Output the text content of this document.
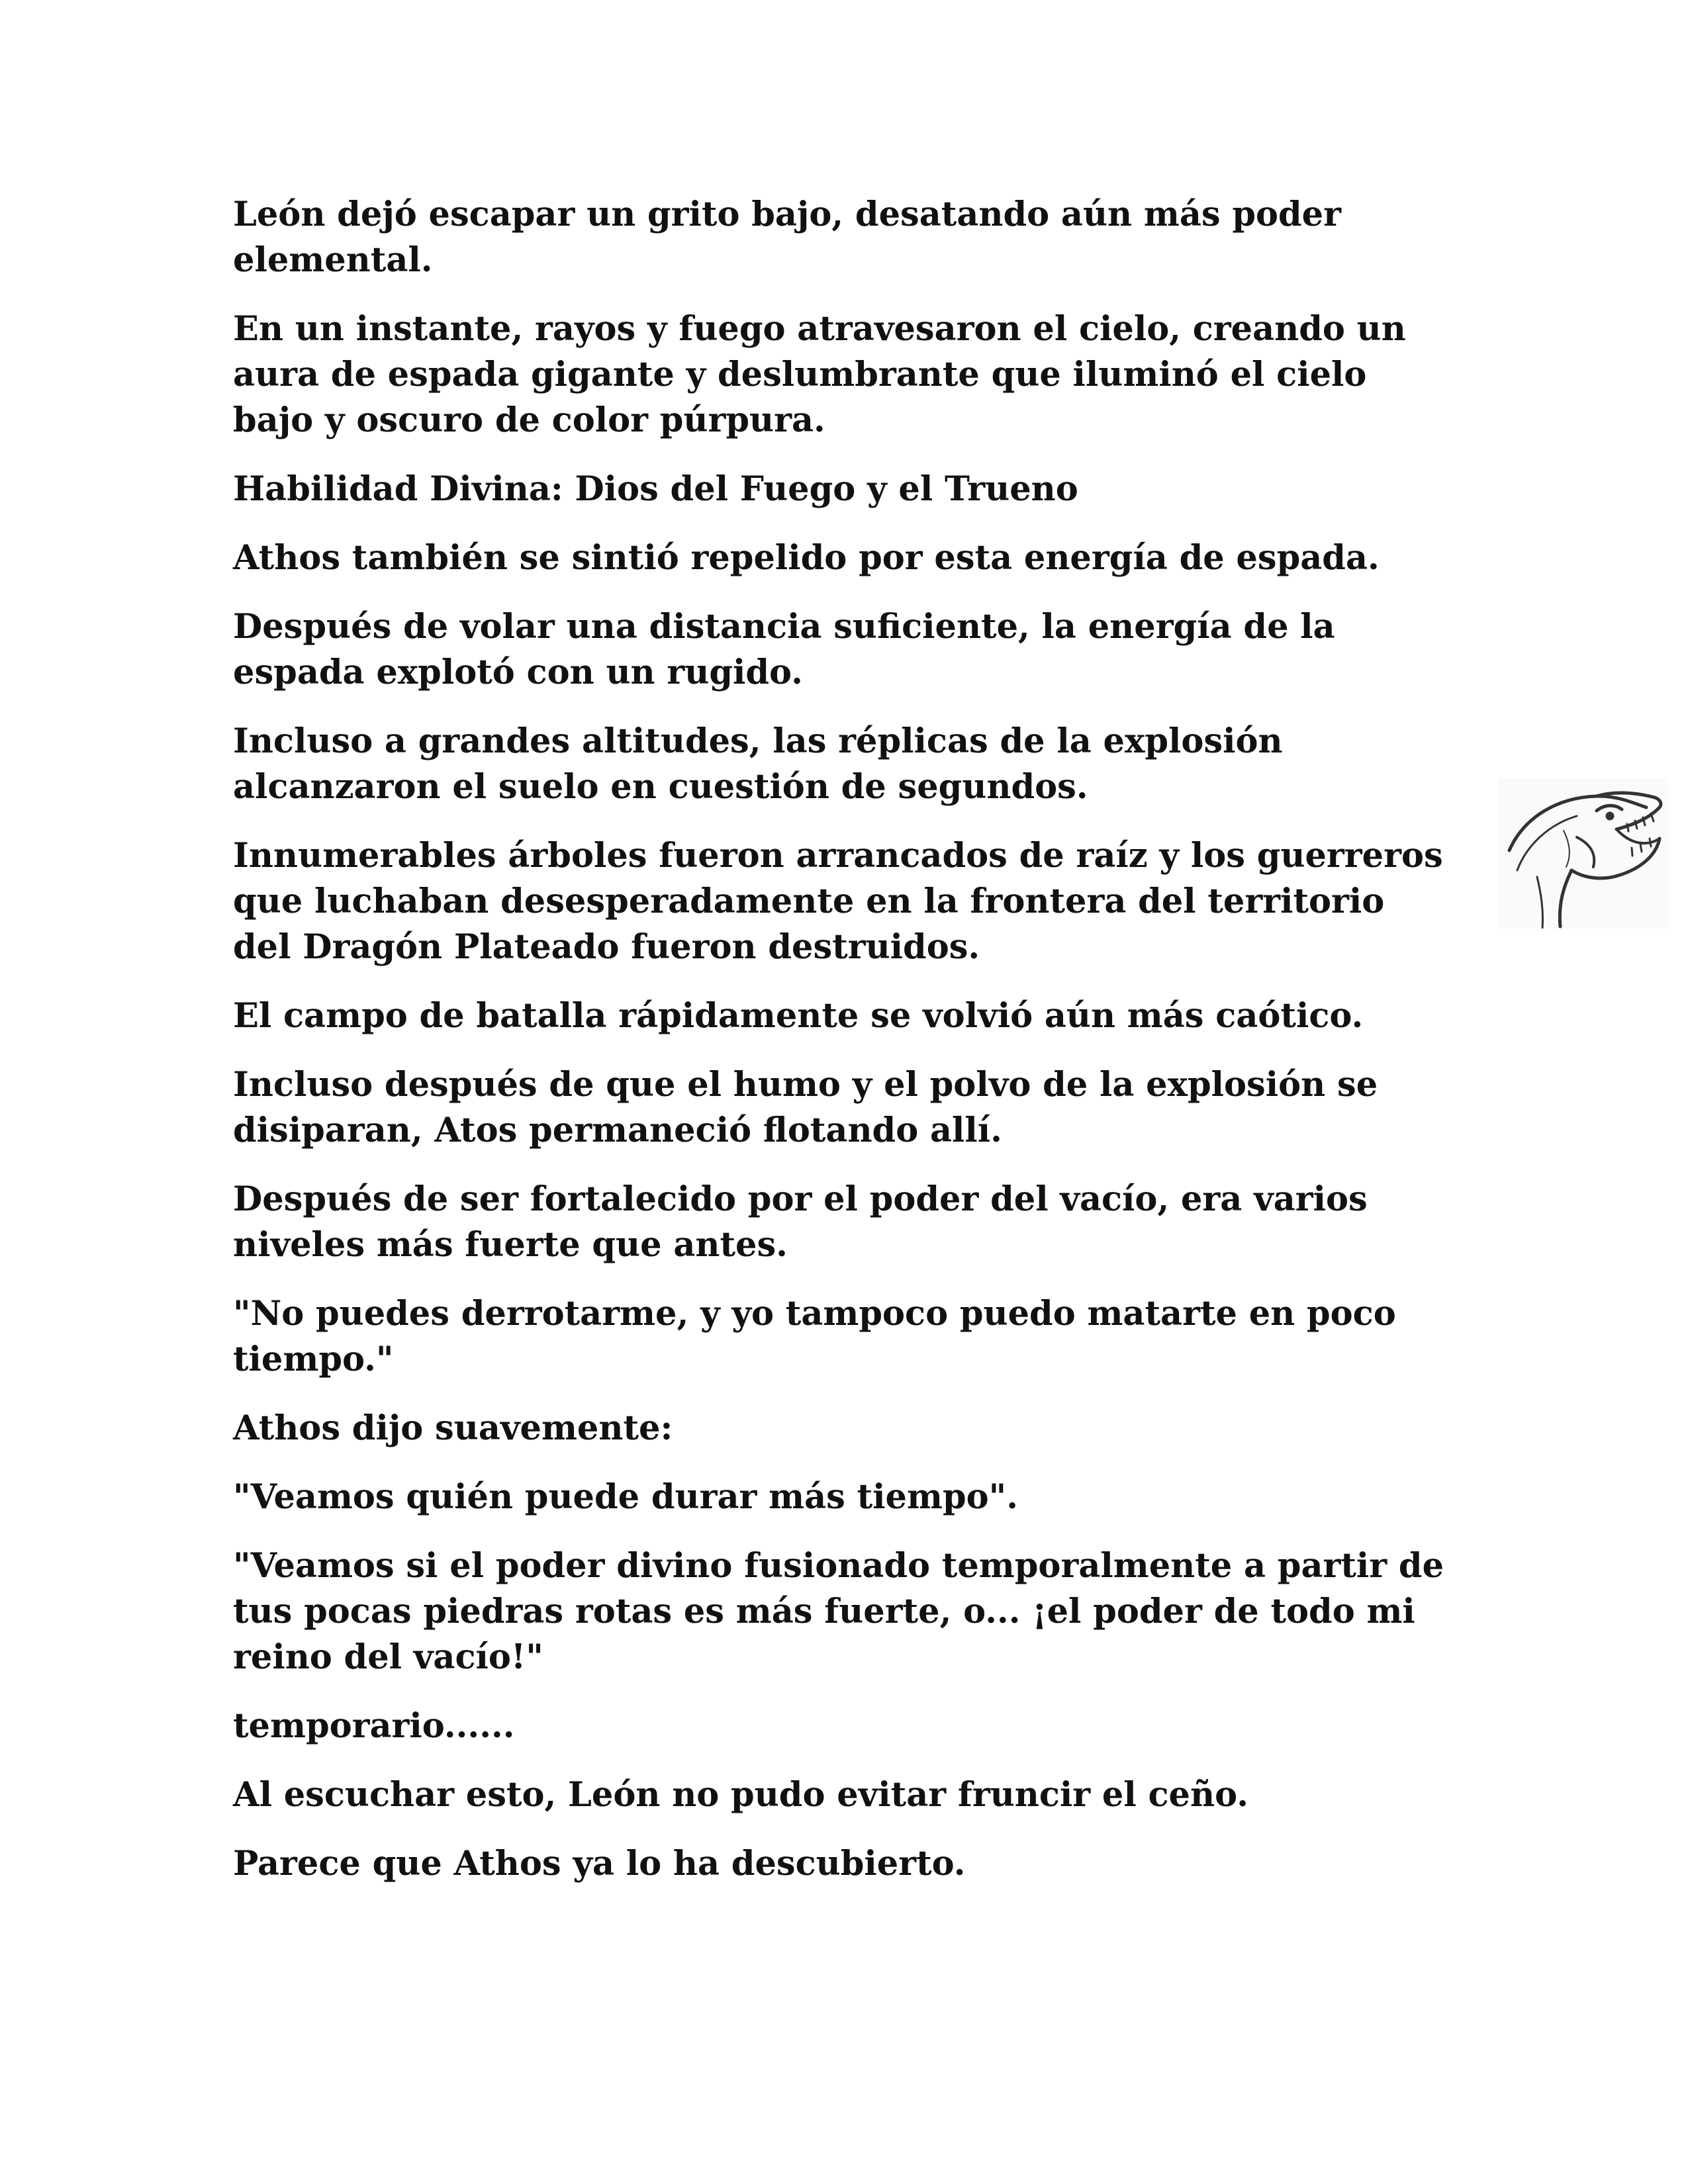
León dejó escapar un grito bajo, desatando aún más poder elemental.

En un instante, rayos y fuego atravesaron el cielo, creando un aura de espada gigante y deslumbrante que iluminó el cielo bajo y oscuro de color púrpura.

Habilidad Divina: Dios del Fuego y el Trueno

Athos también se sintió repelido por esta energía de espada.

Después de volar una distancia suficiente, la energía de la espada explotó con un rugido.

Incluso a grandes altitudes, las réplicas de la explosión alcanzaron el suelo en cuestión de segundos.

Innumerables árboles fueron arrancados de raíz y los guerreros que luchaban desesperadamente en la frontera del territorio del Dragón Plateado fueron destruidos.

El campo de batalla rápidamente se volvió aún más caótico.

Incluso después de que el humo y el polvo de la explosión se disiparan, Atos permaneció flotando allí.

Después de ser fortalecido por el poder del vacío, era varios niveles más fuerte que antes.

"No puedes derrotarme, y yo tampoco puedo matarte en poco tiempo."

Athos dijo suavemente:

"Veamos quién puede durar más tiempo".

"Veamos si el poder divino fusionado temporalmente a partir de tus pocas piedras rotas es más fuerte, o... ¡el poder de todo mi reino del vacío!"

temporario......

Al escuchar esto, León no pudo evitar fruncir el ceño.

Parece que Athos ya lo ha descubierto.
